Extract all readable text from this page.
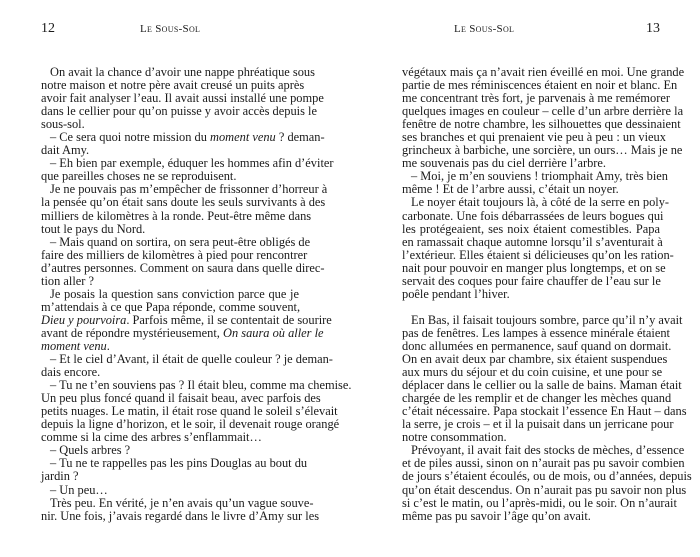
12	Le Sous-Sol
On avait la chance d’avoir une nappe phréatique sous
notre maison et notre père avait creusé un puits après
avoir fait analyser l’eau. Il avait aussi installé une pompe
dans le cellier pour qu’on puisse y avoir accès depuis le
sous-sol.
– Ce sera quoi notre mission du moment venu ? deman-
dait Amy.
– Eh bien par exemple, éduquer les hommes afin d’éviter
que pareilles choses ne se reproduisent.
Je ne pouvais pas m’empêcher de frissonner d’horreur à
la pensée qu’on était sans doute les seuls survivants à des
milliers de kilomètres à la ronde. Peut-être même dans
tout le pays du Nord.
– Mais quand on sortira, on sera peut-être obligés de
faire des milliers de kilomètres à pied pour rencontrer
d’autres personnes. Comment on saura dans quelle direc-
tion aller ?
Je posais la question sans conviction parce que je
m’attendais à ce que Papa réponde, comme souvent,
Dieu y pourvoira. Parfois même, il se contentait de sourire
avant de répondre mystérieusement, On saura où aller le
moment venu.
– Et le ciel d’Avant, il était de quelle couleur ? je deman-
dais encore.
– Tu ne t’en souviens pas ? Il était bleu, comme ma chemise.
Un peu plus foncé quand il faisait beau, avec parfois des
petits nuages. Le matin, il était rose quand le soleil s’élevait
depuis la ligne d’horizon, et le soir, il devenait rouge orangé
comme si la cime des arbres s’enflammait…
– Quels arbres ?
– Tu ne te rappelles pas les pins Douglas au bout du
jardin ?
– Un peu…
Très peu. En vérité, je n’en avais qu’un vague souve-
nir. Une fois, j’avais regardé dans le livre d’Amy sur les
Le Sous-Sol	13
végétaux mais ça n’avait rien éveillé en moi. Une grande
partie de mes réminiscences étaient en noir et blanc. En
me concentrant très fort, je parvenais à me remémorer
quelques images en couleur – celle d’un arbre derrière la
fenêtre de notre chambre, les silhouettes que dessinaient
ses branches et qui prenaient vie peu à peu : un vieux
grincheux à barbiche, une sorcière, un ours… Mais je ne
me souvenais pas du ciel derrière l’arbre.
– Moi, je m’en souviens ! triomphait Amy, très bien
même ! Et de l’arbre aussi, c’était un noyer.
Le noyer était toujours là, à côté de la serre en poly-
carbonate. Une fois débarrassées de leurs bogues qui
les protégeaient, ses noix étaient comestibles. Papa
en ramassait chaque automne lorsqu’il s’aventurait à
l’extérieur. Elles étaient si délicieuses qu’on les ration-
nait pour pouvoir en manger plus longtemps, et on se
servait des coques pour faire chauffer de l’eau sur le
poêle pendant l’hiver.
En Bas, il faisait toujours sombre, parce qu’il n’y avait
pas de fenêtres. Les lampes à essence minérale étaient
donc allumées en permanence, sauf quand on dormait.
On en avait deux par chambre, six étaient suspendues
aux murs du séjour et du coin cuisine, et une pour se
déplacer dans le cellier ou la salle de bains. Maman était
chargée de les remplir et de changer les mèches quand
c’était nécessaire. Papa stockait l’essence En Haut – dans
la serre, je crois – et il la puisait dans un jerricane pour
notre consommation.
Prévoyant, il avait fait des stocks de mèches, d’essence
et de piles aussi, sinon on n’aurait pas pu savoir combien
de jours s’étaient écoulés, ou de mois, ou d’années, depuis
qu’on était descendus. On n’aurait pas pu savoir non plus
si c’est le matin, ou l’après-midi, ou le soir. On n’aurait
même pas pu savoir l’âge qu’on avait.
